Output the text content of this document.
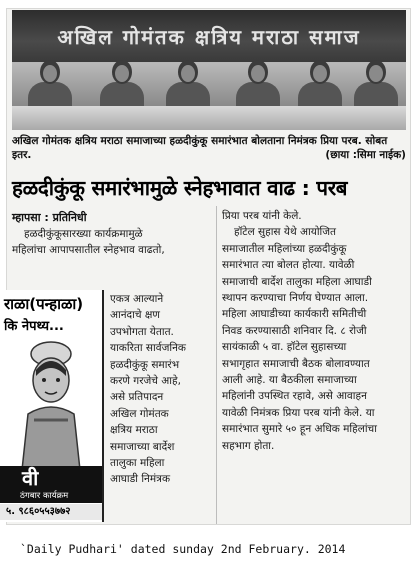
अखिल गोमंतक क्षत्रिय मराठा समाज
अखिल गोमंतक क्षत्रिय मराठा समाजाच्या हळदीकुंकू समारंभात बोलताना निमंत्रक प्रिया परब. सोबत इतर.	(छाया :सिमा नाईक)
हळदीकुंकू समारंभामुळे स्नेहभावात वाढ : परब
म्हापसा : प्रतिनिधी
हळदीकुंकूसारख्या कार्यक्रमामुळे
महिलांचा आपापसातील स्नेहभाव वाढतो,
एकत्र आल्याने
आनंदाचे क्षण
उपभोगता येतात.
याकरिता सार्वजनिक
हळदीकुंकू समारंभ
करणे गरजेचे आहे,
असे प्रतिपादन
अखिल गोमंतक
क्षत्रिय मराठा
समाजाच्या बार्देश
तालुका महिला
आघाडी निमंत्रक
प्रिया परब यांनी केले.
हॉटेल सुहास येथे आयोजित
समाजातील महिलांच्या हळदीकुंकू
समारंभात त्या बोलत होत्या. यावेळी
समाजाची बार्देश तालुका महिला आघाडी
स्थापन करण्याचा निर्णय घेण्यात आला.
महिला आघाडीच्या कार्यकारी समितीची
निवड करण्यासाठी शनिवार दि. ८ रोजी
सायंकाळी ५ वा. हॉटेल सुहासच्या
सभागृहात समाजाची बैठक बोलावण्यात
आली आहे. या बैठकीला समाजाच्या
महिलांनी उपस्थित रहावे, असे आवाहन
यावेळी निमंत्रक प्रिया परब यांनी केले. या
समारंभात सुमारे ५० हून अधिक महिलांचा
सहभाग होता.
राळा(पन्हाळा)
कि नेपथ्य...
वी
ठंगबार कार्यक्रम
५. ९८६०५५३७७२
`Daily Pudhari' dated sunday 2nd February. 2014
